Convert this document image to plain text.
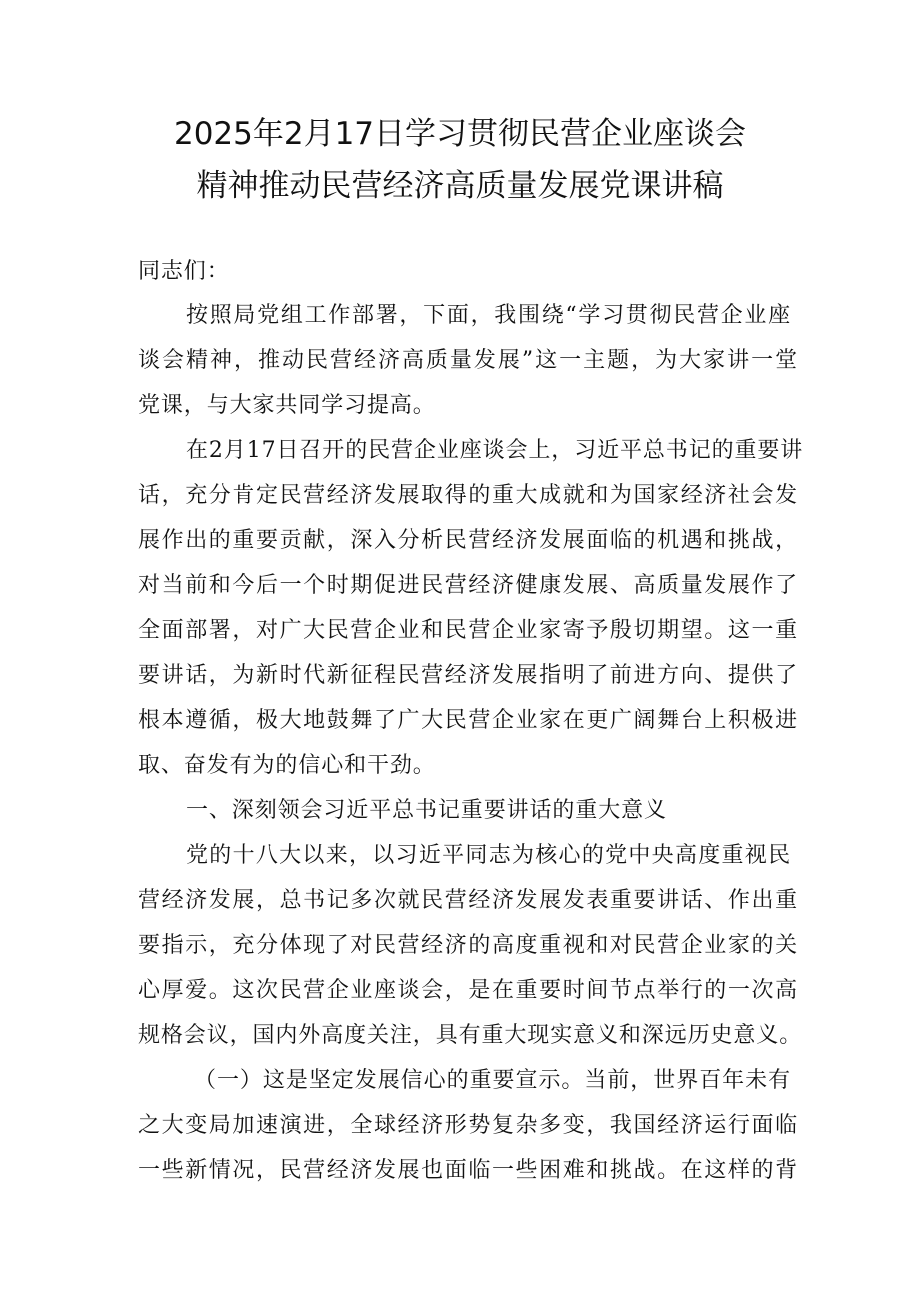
2025年2月17日学习贯彻民营企业座谈会
精神推动民营经济高质量发展党课讲稿
同志们：
按照局党组工作部署，下面，我围绕“学习贯彻民营企业座
谈会精神，推动民营经济高质量发展”这一主题，为大家讲一堂
党课，与大家共同学习提高。
在2月17日召开的民营企业座谈会上，习近平总书记的重要讲
话，充分肯定民营经济发展取得的重大成就和为国家经济社会发
展作出的重要贡献，深入分析民营经济发展面临的机遇和挑战，
对当前和今后一个时期促进民营经济健康发展、高质量发展作了
全面部署，对广大民营企业和民营企业家寄予殷切期望。这一重
要讲话，为新时代新征程民营经济发展指明了前进方向、提供了
根本遵循，极大地鼓舞了广大民营企业家在更广阔舞台上积极进
取、奋发有为的信心和干劲。
一、深刻领会习近平总书记重要讲话的重大意义
党的十八大以来，以习近平同志为核心的党中央高度重视民
营经济发展，总书记多次就民营经济发展发表重要讲话、作出重
要指示，充分体现了对民营经济的高度重视和对民营企业家的关
心厚爱。这次民营企业座谈会，是在重要时间节点举行的一次高
规格会议，国内外高度关注，具有重大现实意义和深远历史意义。
（一）这是坚定发展信心的重要宣示。当前，世界百年未有
之大变局加速演进，全球经济形势复杂多变，我国经济运行面临
一些新情况，民营经济发展也面临一些困难和挑战。在这样的背
